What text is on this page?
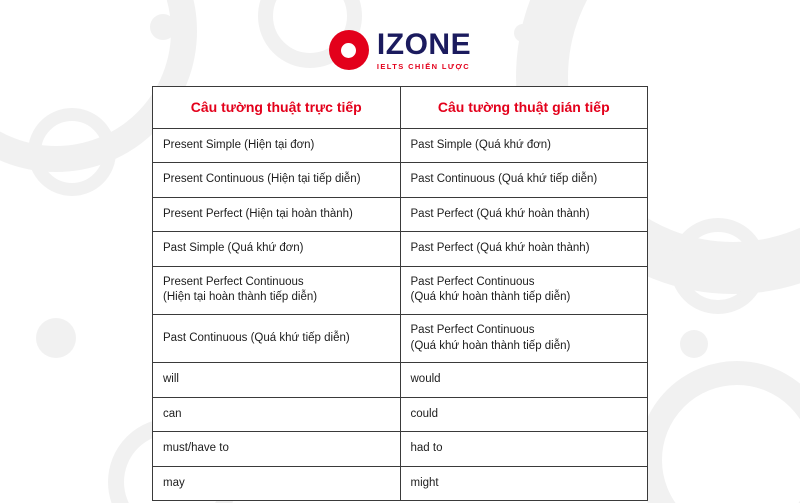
IZONE
IELTS CHIẾN LƯỢC
Câu tường thuật trực tiếp	Câu tường thuật gián tiếp

Present Simple (Hiện tại đơn)	Past Simple (Quá khứ đơn)

Present Continuous (Hiện tại tiếp diễn)	Past Continuous (Quá khứ tiếp diễn)

Present Perfect (Hiện tại hoàn thành)	Past Perfect (Quá khứ hoàn thành)

Past Simple (Quá khứ đơn)	Past Perfect (Quá khứ hoàn thành)

Present Perfect Continuous
(Hiện tại hoàn thành tiếp diễn)	Past Perfect Continuous
(Quá khứ hoàn thành tiếp diễn)

Past Continuous (Quá khứ tiếp diễn)	Past Perfect Continuous
(Quá khứ hoàn thành tiếp diễn)

will	would

can	could

must/have to	had to

may	might
